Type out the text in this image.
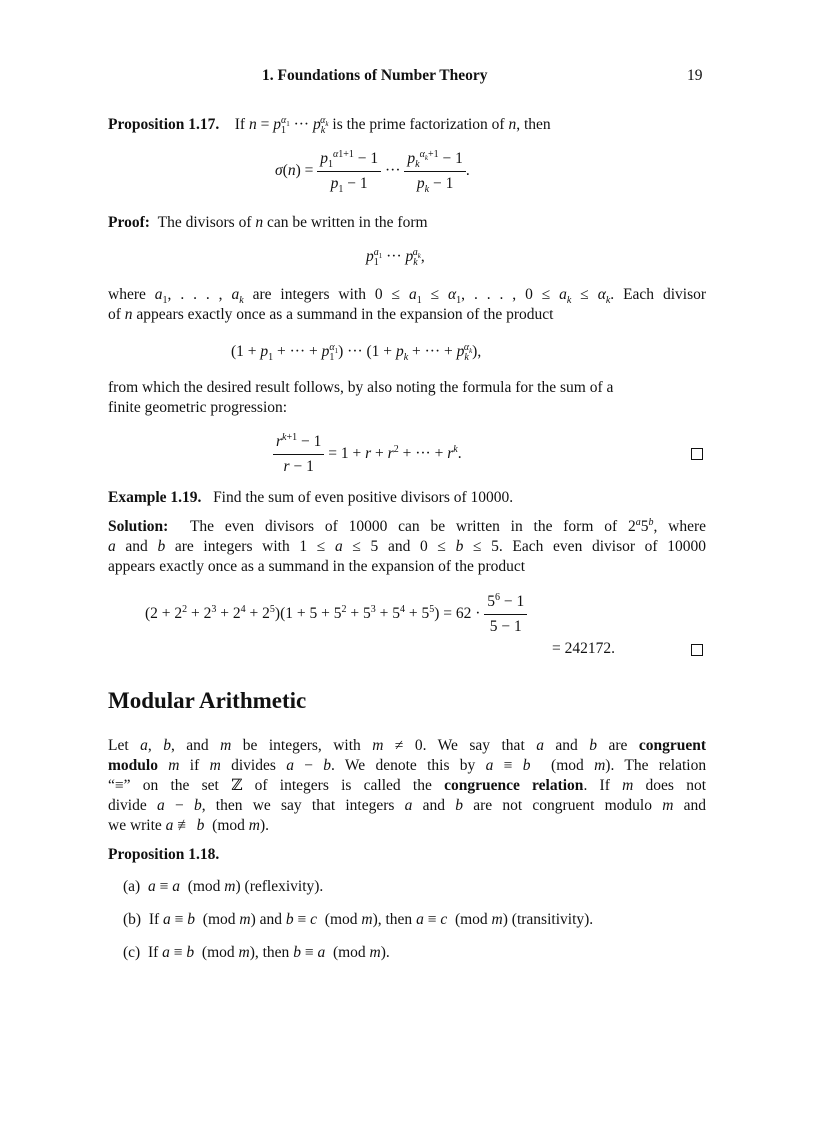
1. Foundations of Number Theory	19
Proposition 1.17. If $n = p_1^{\alpha_1}$ ··· $p_k^{\alpha_k}$ is the prime factorization of n, then
$\sigma(n) = \frac{p_1^{\alpha 1+1} - 1}{p_1 - 1}$ ··· $\frac{p_k^{\alpha_k+1} - 1}{p_k - 1}$ .
Proof: The divisors of n can be written in the form
$p_1^{a_1}$ ··· $p_k^{a_k}$,
where $a_1$, . . . , $a_k$ are integers with $0 \le a_1 \le \alpha_1$, . . . , $0 \le a_k \le \alpha_k$. Each divisor
of n appears exactly once as a summand in the expansion of the product
($1 + p_1$ + ··· + $p_1^{\alpha_1}$) ··· ($1 + p_k$ + ··· + $p_k^{\alpha_k}$),
from which the desired result follows, by also noting the formula for the sum of a
finite geometric progression:
$\frac{r^{k+1} - 1}{r - 1} = 1 + r + r^2$ + ··· + $r^k$.
Example 1.19. Find the sum of even positive divisors of 10000.
Solution: The even divisors of 10000 can be written in the form of 2$^a$5$^b$, where
a and b are integers with 1 ≤ a ≤ 5 and 0 ≤ b ≤ 5. Each even divisor of 10000
appears exactly once as a summand in the expansion of the product
$(2 + 2^2 + 2^3 + 2^4 + 2^5)(1 + 5 + 5^2 + 5^3 + 5^4 + 5^5) = 62 \cdot \frac{5^6 - 1}{5 - 1}$
= 242172.
Modular Arithmetic
Let a, b, and m be integers, with m ≠ 0. We say that a and b are congruent
modulo m if m divides a − b. We denote this by a ≡ b  (mod m). The relation
“≡” on the set ℤ of integers is called the congruence relation. If m does not
divide a − b, then we say that integers a and b are not congruent modulo m and
we write a ≢ b  (mod m).
Proposition 1.18.
(a) a ≡ a  (mod m) (reflexivity).
(b) If a ≡ b  (mod m) and b ≡ c  (mod m), then a ≡ c  (mod m) (transitivity).
(c) If a ≡ b  (mod m), then b ≡ a  (mod m).
